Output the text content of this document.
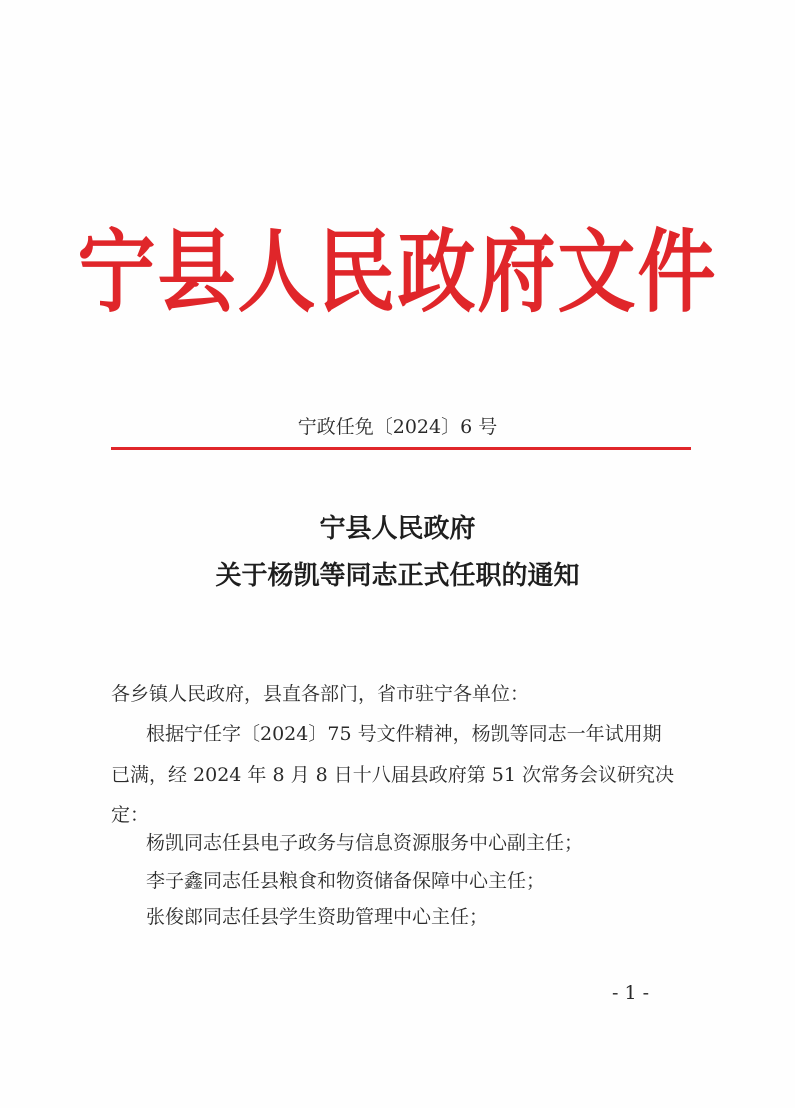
宁县人民政府文件
宁政任免〔2024〕6 号
宁县人民政府
关于杨凯等同志正式任职的通知
各乡镇人民政府，县直各部门，省市驻宁各单位：
根据宁任字〔2024〕75 号文件精神，杨凯等同志一年试用期
已满，经 2024 年 8 月 8 日十八届县政府第 51 次常务会议研究决
定：
杨凯同志任县电子政务与信息资源服务中心副主任；
李子鑫同志任县粮食和物资储备保障中心主任；
张俊郎同志任县学生资助管理中心主任；
- 1 -
